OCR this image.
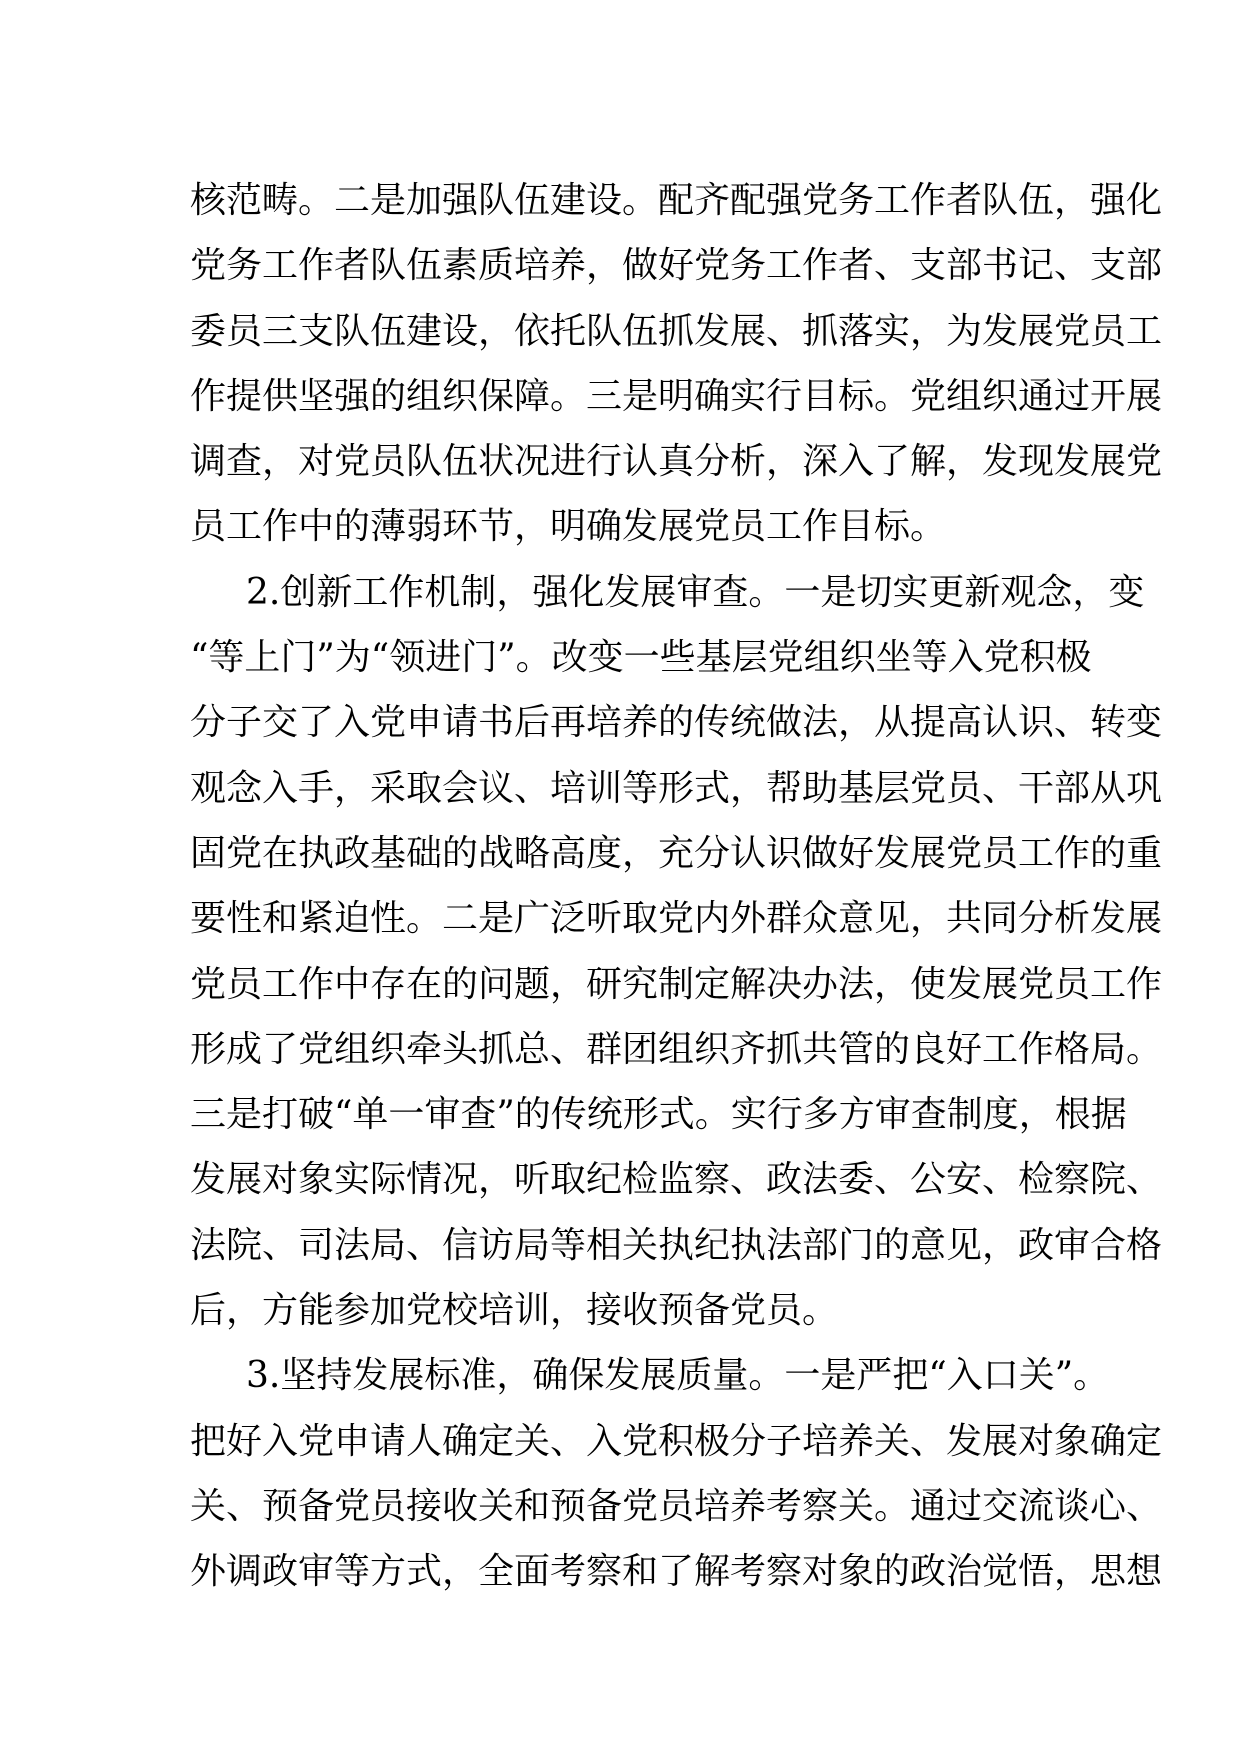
核范畴。二是加强队伍建设。配齐配强党务工作者队伍，强化
党务工作者队伍素质培养，做好党务工作者、支部书记、支部
委员三支队伍建设，依托队伍抓发展、抓落实，为发展党员工
作提供坚强的组织保障。三是明确实行目标。党组织通过开展
调查，对党员队伍状况进行认真分析，深入了解，发现发展党
员工作中的薄弱环节，明确发展党员工作目标。
2.创新工作机制，强化发展审查。一是切实更新观念，变
“等上门”为“领进门”。改变一些基层党组织坐等入党积极
分子交了入党申请书后再培养的传统做法，从提高认识、转变
观念入手，采取会议、培训等形式，帮助基层党员、干部从巩
固党在执政基础的战略高度，充分认识做好发展党员工作的重
要性和紧迫性。二是广泛听取党内外群众意见，共同分析发展
党员工作中存在的问题，研究制定解决办法，使发展党员工作
形成了党组织牵头抓总、群团组织齐抓共管的良好工作格局。
三是打破“单一审查”的传统形式。实行多方审查制度，根据
发展对象实际情况，听取纪检监察、政法委、公安、检察院、
法院、司法局、信访局等相关执纪执法部门的意见，政审合格
后，方能参加党校培训，接收预备党员。
3.坚持发展标准，确保发展质量。一是严把“入口关”。
把好入党申请人确定关、入党积极分子培养关、发展对象确定
关、预备党员接收关和预备党员培养考察关。通过交流谈心、
外调政审等方式，全面考察和了解考察对象的政治觉悟，思想
